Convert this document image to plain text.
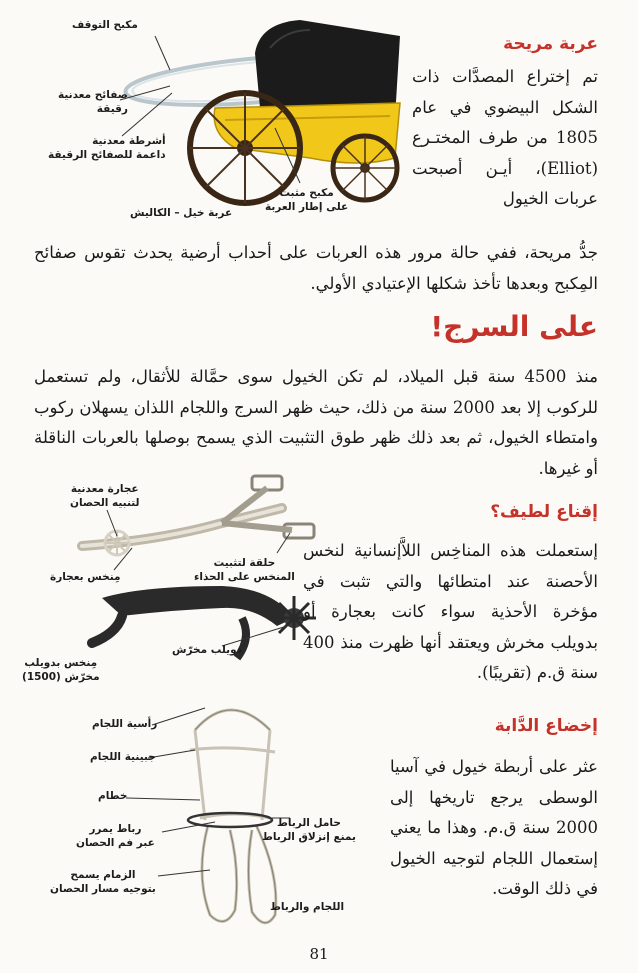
مكبح التوقف
صفائح معدنية
رقيقة
أشرطة معدنية
داعمة للصفائح الرقيقة
مكبح مثبت
على إطار العربة
عربة خيل – الكاليش
عربة مريحة
تم إختراع المصدَّات ذات الشكل البيضوي في عام 1805 من طرف المختـرع (Elliot)، أيـن أصبحت عربات الخيول
جدُّ مريحة، ففي حالة مرور هذه العربات على أحداب أرضية يحدث تقوس صفائح المِكبح وبعدها تأخذ شكلها الإعتيادي الأولي.
على السرج!
منذ 4500 سنة قبل الميلاد، لم تكن الخيول سوى حمَّالة للأثقال، ولم تستعمل للركوب إلا بعد 2000 سنة من ذلك، حيث ظهر السرج واللجام اللذان يسهلان ركوب وامتطاء الخيول، ثم بعد ذلك ظهر طوق التثبيت الذي يسمح بوصلها بالعربات الناقلة أو غيرها.
عجارة معدنية
لتنبيه الحصان
مِنخس بعجارة
حلقة لتثبيت
المنخس على الحذاء
دويلب مخرّش
مِنخس بدويلب
مخرّش (1500)
إقناع لطيف؟
إستعملت هذه المناخِس اللاَّإنسانية لنخس الأحصنة عند امتطائها والتي تثبت في مؤخرة الأحذية سواء كانت بعجارة أو بدويلب مخرش ويعتقد أنها ظهرت منذ 400 سنة ق.م (تقريبًا).
رأسية اللجام
جبينية اللجام
خطام
رباط يمرر
عبر فم الحصان
الزمام يسمح
بتوجيه مسار الحصان
حامل الرباط
يمنع إنزلاق الرباط
اللجام والرباط
إخضاع الدَّابة
عثر على أربطة خيول في آسيا الوسطى يرجع تاريخها إلى 2000 سنة ق.م. وهذا ما يعني إستعمال اللجام لتوجيه الخيول في ذلك الوقت.
81
